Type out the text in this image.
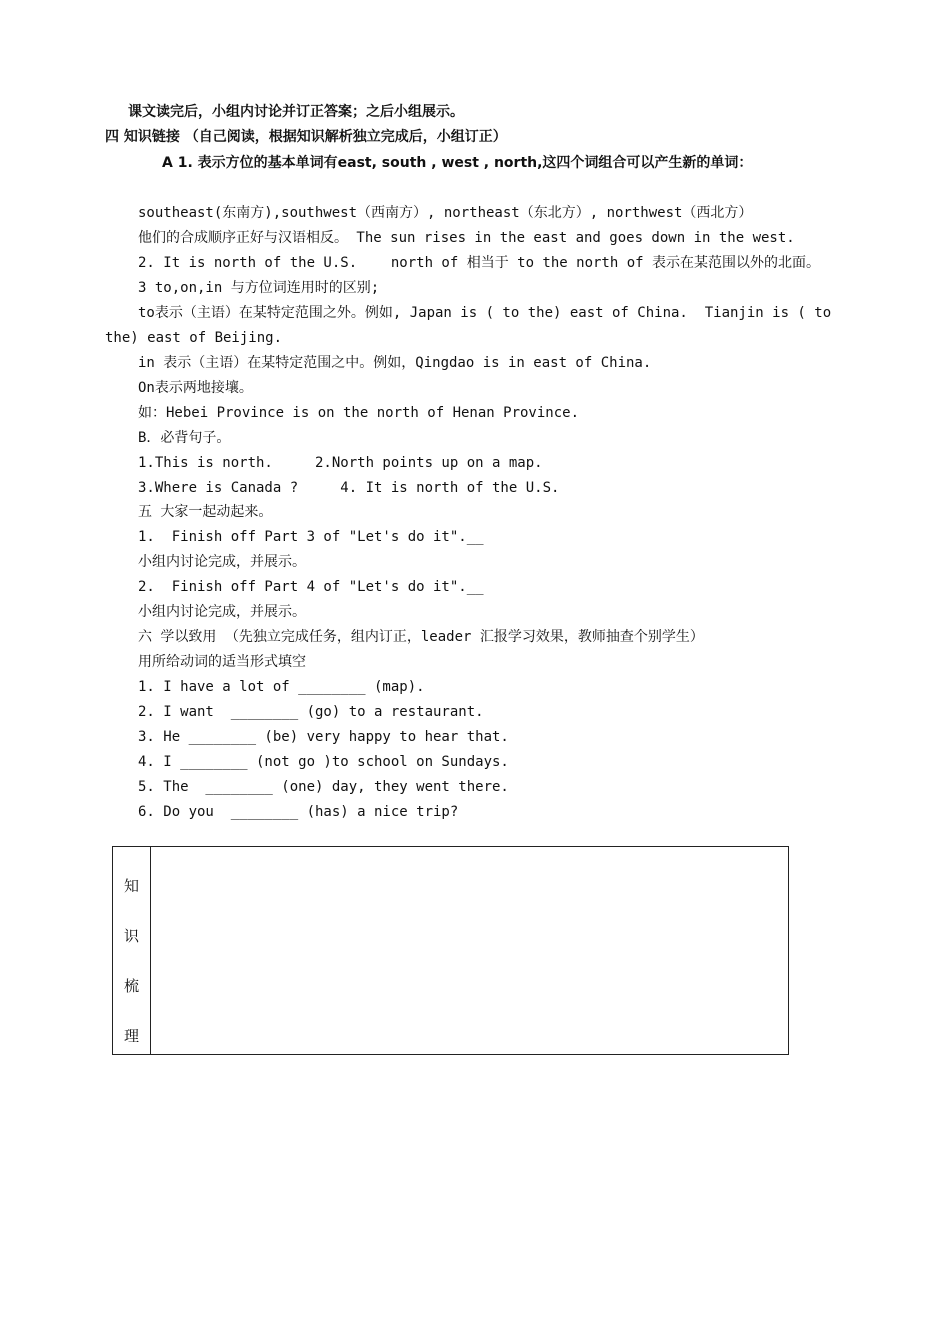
课文读完后，小组内讨论并订正答案；之后小组展示。
四 知识链接 （自己阅读，根据知识解析独立完成后，小组订正）
A 1. 表示方位的基本单词有east, south , west , north,这四个词组合可以产生新的单词：
southeast(东南方),southwest（西南方）, northeast（东北方）, northwest（西北方）
他们的合成顺序正好与汉语相反。 The sun rises in the east and goes down in the west.
2. It is north of the U.S.    north of 相当于 to the north of 表示在某范围以外的北面。
3 to,on,in 与方位词连用时的区别;
to表示（主语）在某特定范围之外。例如, Japan is ( to the) east of China.  Tianjin is ( to
the) east of Beijing.
in 表示（主语）在某特定范围之中。例如，Qingdao is in east of China.
On表示两地接壤。
如：Hebei Province is on the north of Henan Province.
B．必背句子。
1.This is north.     2.North points up on a map.
3.Where is Canada ?     4. It is north of the U.S.
五 大家一起动起来。
1.  Finish off Part 3 of "Let's do it".__
小组内讨论完成，并展示。
2.  Finish off Part 4 of "Let's do it".__
小组内讨论完成，并展示。
六 学以致用 （先独立完成任务，组内订正，leader 汇报学习效果，教师抽查个别学生）
用所给动词的适当形式填空
1. I have a lot of ________ (map).
2. I want  ________ (go) to a restaurant.
3. He ________ (be) very happy to hear that.
4. I ________ (not go )to school on Sundays.
5. The  ________ (one) day, they went there.
6. Do you  ________ (has) a nice trip?
知
识
梳
理
